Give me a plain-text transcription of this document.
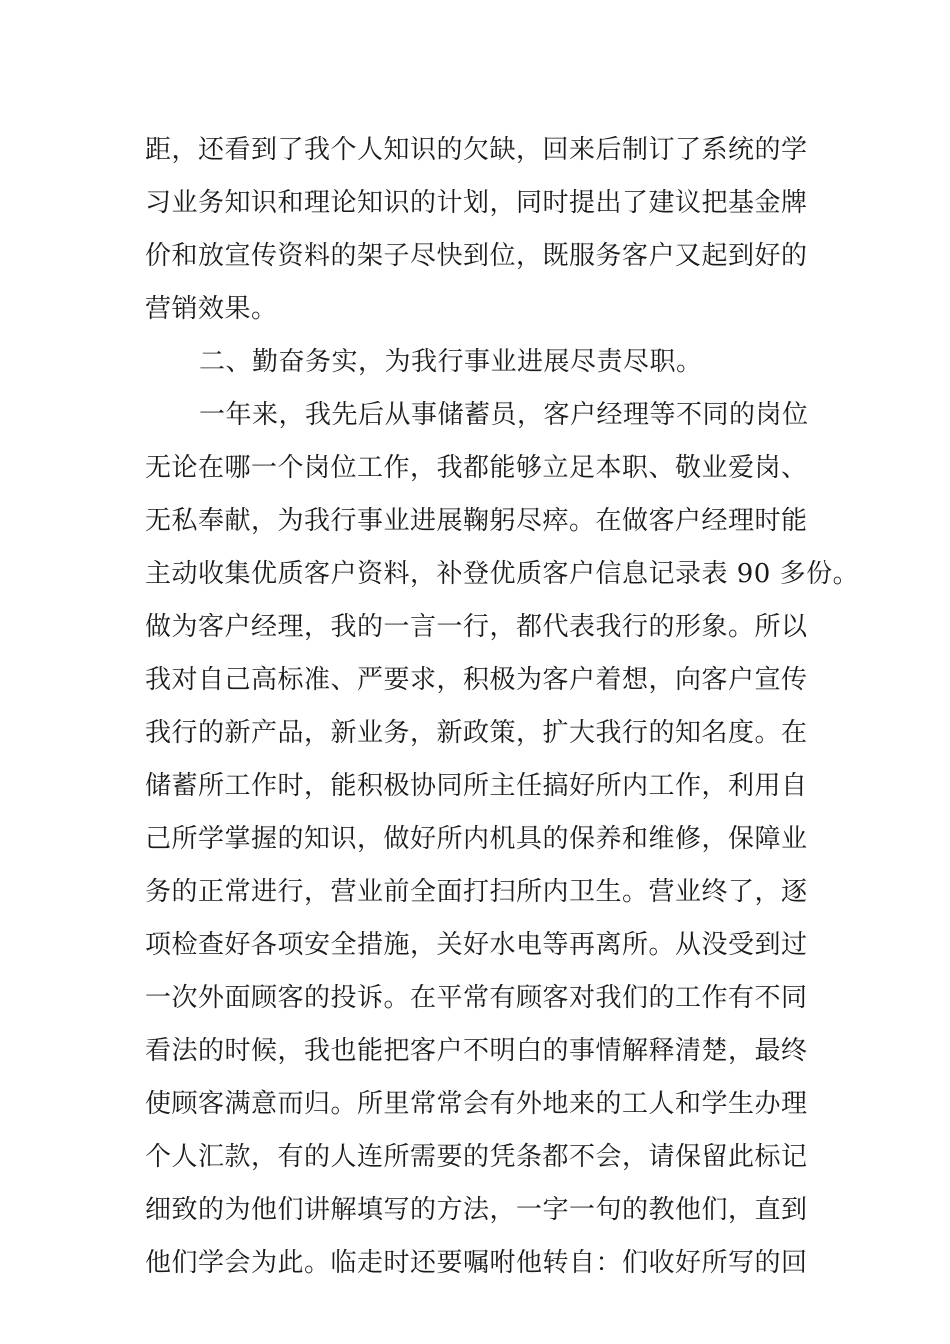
距，还看到了我个人知识的欠缺，回来后制订了系统的学
习业务知识和理论知识的计划，同时提出了建议把基金牌
价和放宣传资料的架子尽快到位，既服务客户又起到好的
营销效果。
二、勤奋务实，为我行事业进展尽责尽职。
一年来，我先后从事储蓄员，客户经理等不同的岗位
无论在哪一个岗位工作，我都能够立足本职、敬业爱岗、
无私奉献，为我行事业进展鞠躬尽瘁。在做客户经理时能
主动收集优质客户资料，补登优质客户信息记录表 90 多份。
做为客户经理，我的一言一行，都代表我行的形象。所以
我对自己高标准、严要求，积极为客户着想，向客户宣传
我行的新产品，新业务，新政策，扩大我行的知名度。在
储蓄所工作时，能积极协同所主任搞好所内工作，利用自
己所学掌握的知识，做好所内机具的保养和维修，保障业
务的正常进行，营业前全面打扫所内卫生。营业终了，逐
项检查好各项安全措施，关好水电等再离所。从没受到过
一次外面顾客的投诉。在平常有顾客对我们的工作有不同
看法的时候，我也能把客户不明白的事情解释清楚，最终
使顾客满意而归。所里常常会有外地来的工人和学生办理
个人汇款，有的人连所需要的凭条都不会，请保留此标记
细致的为他们讲解填写的方法，一字一句的教他们，直到
他们学会为此。临走时还要嘱咐他转自：们收好所写的回
